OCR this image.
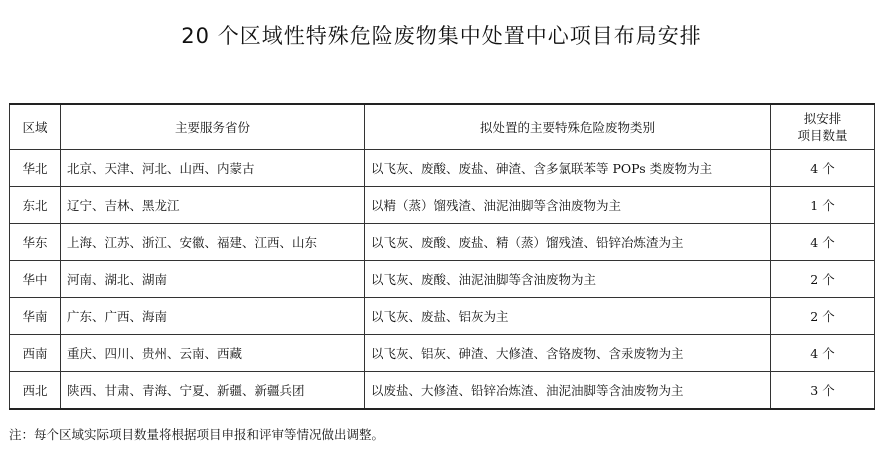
20 个区域性特殊危险废物集中处置中心项目布局安排
区域	主要服务省份	拟处置的主要特殊危险废物类别	拟安排
项目数量

华北	北京、天津、河北、山西、内蒙古	以飞灰、废酸、废盐、砷渣、含多氯联苯等 POPs 类废物为主	4 个
东北	辽宁、吉林、黑龙江	以精（蒸）馏残渣、油泥油脚等含油废物为主	1 个
华东	上海、江苏、浙江、安徽、福建、江西、山东	以飞灰、废酸、废盐、精（蒸）馏残渣、铅锌冶炼渣为主	4 个
华中	河南、湖北、湖南	以飞灰、废酸、油泥油脚等含油废物为主	2 个
华南	广东、广西、海南	以飞灰、废盐、铝灰为主	2 个
西南	重庆、四川、贵州、云南、西藏	以飞灰、铝灰、砷渣、大修渣、含铬废物、含汞废物为主	4 个
西北	陕西、甘肃、青海、宁夏、新疆、新疆兵团	以废盐、大修渣、铅锌冶炼渣、油泥油脚等含油废物为主	3 个
注：每个区域实际项目数量将根据项目申报和评审等情况做出调整。
